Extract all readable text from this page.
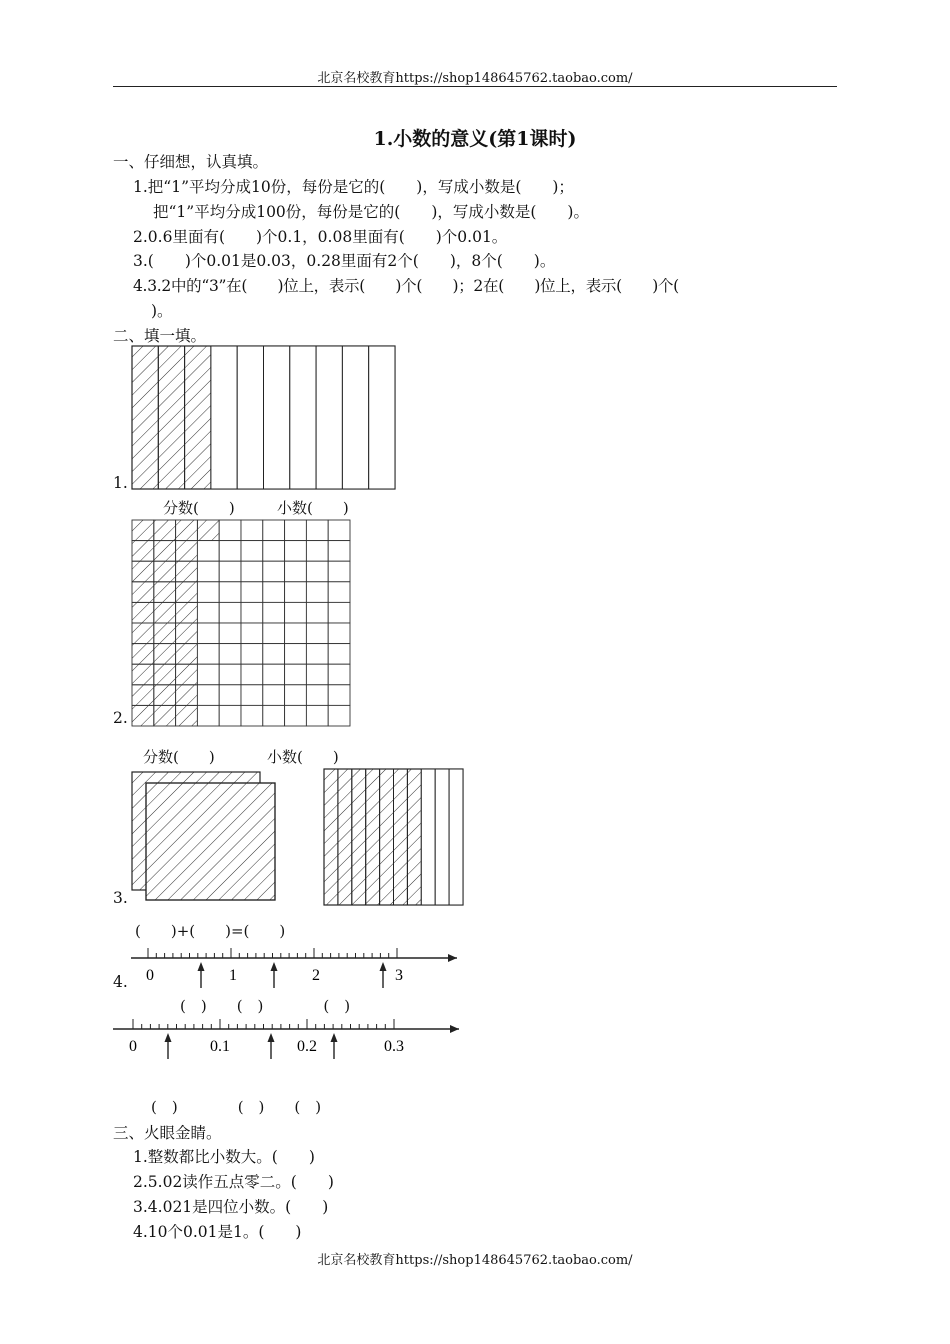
北京名校教育https://shop148645762.taobao.com/
1.小数的意义(第1课时)
一、仔细想，认真填。
1.把“1”平均分成10份，每份是它的(　　)，写成小数是(　　)；
把“1”平均分成100份，每份是它的(　　)，写成小数是(　　)。
2.0.6里面有(　　)个0.1，0.08里面有(　　)个0.01。
3.(　　)个0.01是0.03，0.28里面有2个(　　)，8个(　　)。
4.3.2中的“3”在(　　)位上，表示(　　)个(　　)；2在(　　)位上，表示(　　)个(
)。
二、填一填。
1.
分数(　　)	小数(　　)
2.
分数(　　)	小数(　　)
3.
(　　)+(　　)=(　　)
4. 0	1	2	3
(　)　　(　)　　　　(　)
0	0.1	0.2	0.3
(　)　　　　(　)　　(　)
三、火眼金睛。
1.整数都比小数大。(　　)
2.5.02读作五点零二。(　　)
3.4.021是四位小数。(　　)
4.10个0.01是1。(　　)
北京名校教育https://shop148645762.taobao.com/
